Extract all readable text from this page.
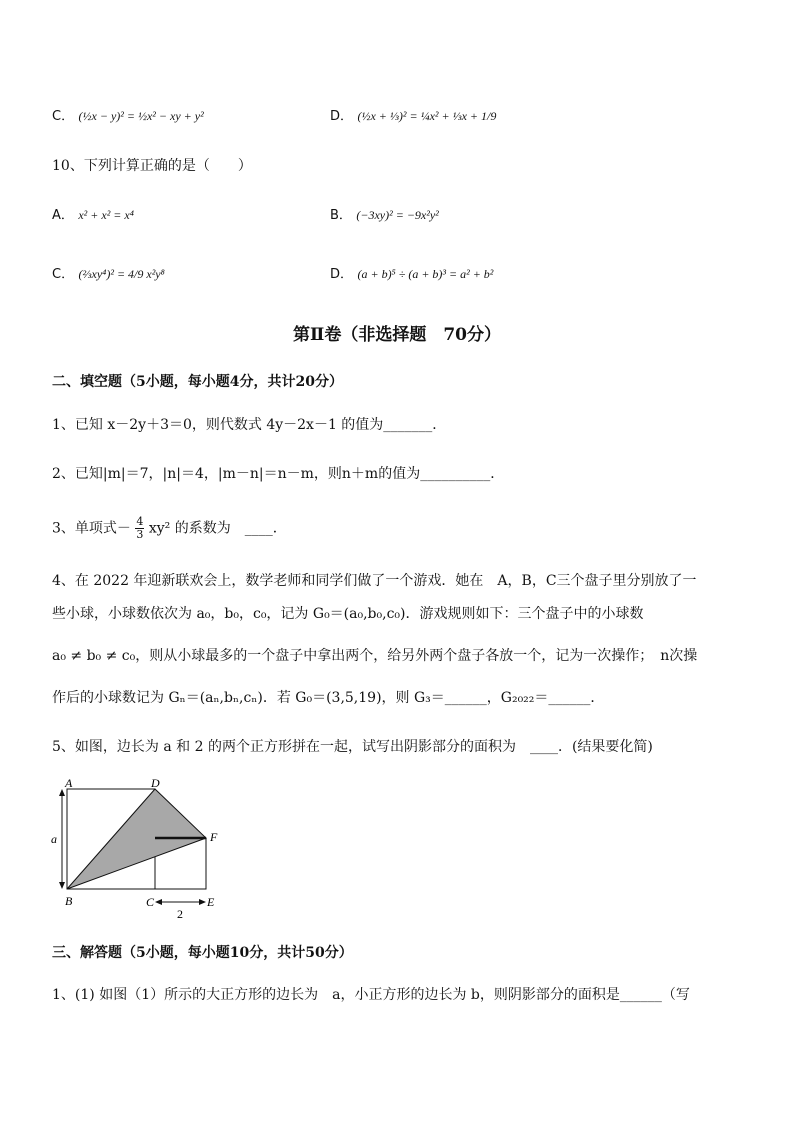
C． (½x − y)² = ½x² − xy + y²	D． (½x + ⅓)² = ¼x² + ⅓x + 1/9
10、下列计算正确的是（　　）
A． x² + x² = x⁴	B． (−3xy)² = −9x²y²
C． (⅔xy⁴)² = 4/9 x²y⁸	D． (a + b)⁵ ÷ (a + b)³ = a² + b²
第Ⅱ卷（非选择题　70分）
二、填空题（5小题，每小题4分，共计20分）
1、已知 x－2y＋3＝0，则代数式 4y－2x－1 的值为_______．
2、已知|m|＝7，|n|＝4，|m－n|＝n－m，则n＋m的值为__________．
3、单项式－ $\frac{4}{3} xy^2$ 的系数为　____．
4、在 2022 年迎新联欢会上，数学老师和同学们做了一个游戏．她在　A，B，C三个盘子里分别放了一
些小球，小球数依次为 a₀，b₀，c₀，记为 G₀＝(a₀,b₀,c₀)．游戏规则如下：三个盘子中的小球数
a₀ ≠ b₀ ≠ c₀，则从小球最多的一个盘子中拿出两个，给另外两个盘子各放一个，记为一次操作；　n次操
作后的小球数记为 Gₙ＝(aₙ,bₙ,cₙ)．若 G₀＝(3,5,19)，则 G₃＝______，G₂₀₂₂＝______．
5、如图，边长为 a 和 2 的两个正方形拼在一起，试写出阴影部分的面积为　____．(结果要化简)
A	D
F
B	C	E
a
2
三、解答题（5小题，每小题10分，共计50分）
1、(1) 如图（1）所示的大正方形的边长为　a，小正方形的边长为 b，则阴影部分的面积是______（写
